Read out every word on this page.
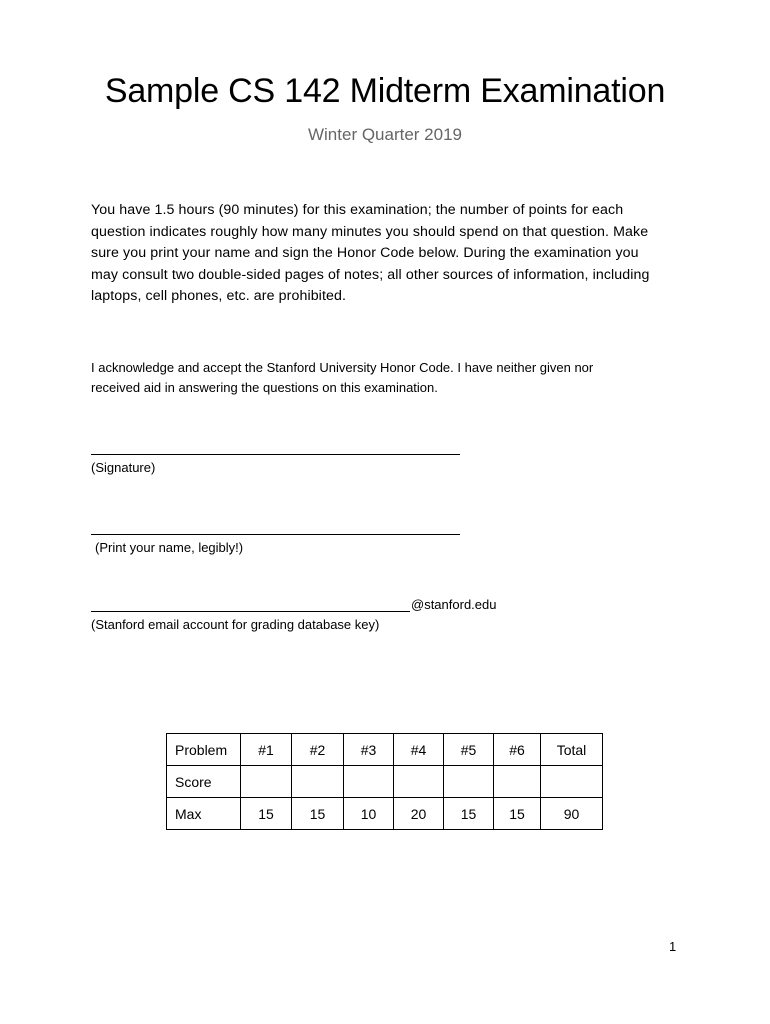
Sample CS 142 Midterm Examination

Winter Quarter 2019

You have 1.5 hours (90 minutes) for this examination; the number of points for each
question indicates roughly how many minutes you should spend on that question. Make
sure you print your name and sign the Honor Code below. During the examination you
may consult two double-sided pages of notes; all other sources of information, including
laptops, cell phones, etc. are prohibited.
I acknowledge and accept the Stanford University Honor Code. I have neither given nor
received aid in answering the questions on this examination.
(Signature)
(Print your name, legibly!)
@stanford.edu
(Stanford email account for grading database key)
Problem	#1	#2	#3	#4	#5	#6	Total
Score							
Max	15	15	10	20	15	15	90
1
